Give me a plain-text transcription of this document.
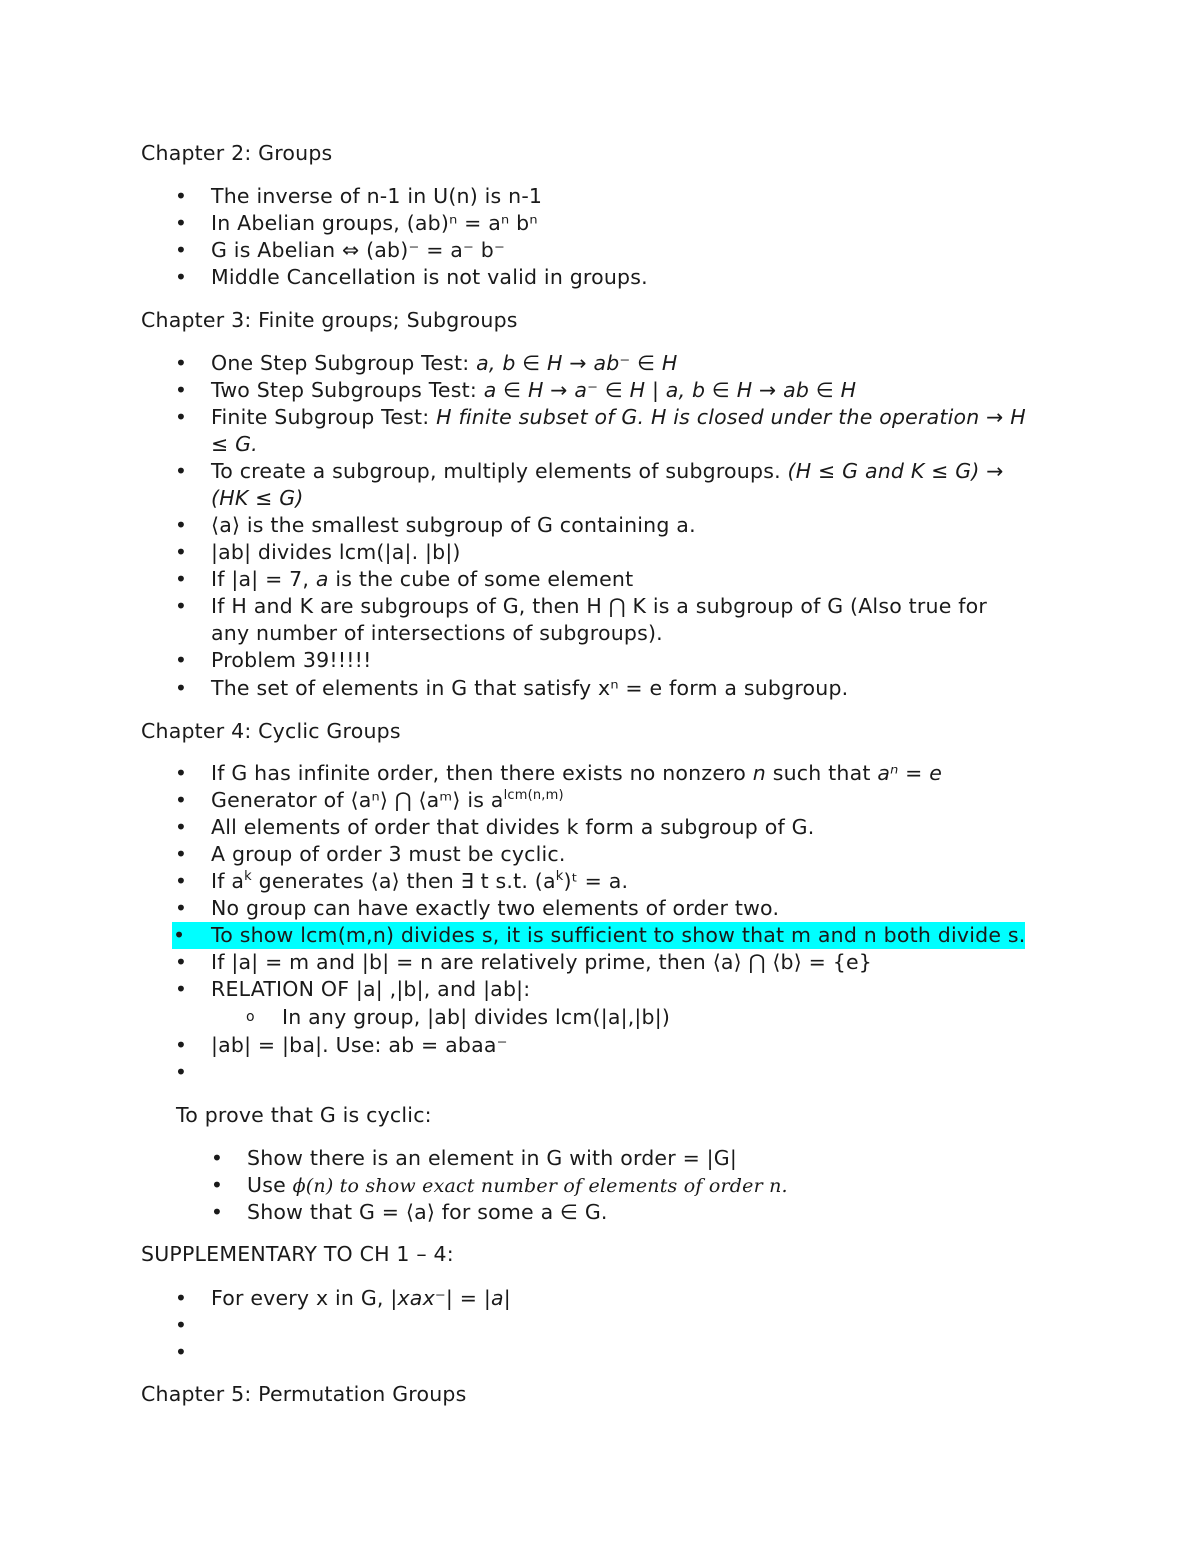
Chapter 2: Groups
• The inverse of n-1 in U(n) is n-1
• In Abelian groups, (ab)ⁿ = aⁿ bⁿ
• G is Abelian ⇔ (ab)⁻ = a⁻ b⁻
• Middle Cancellation is not valid in groups.
Chapter 3: Finite groups; Subgroups
• One Step Subgroup Test: a, b ∈ H → ab⁻ ∈ H
• Two Step Subgroups Test: a ∈ H → a⁻ ∈ H | a, b ∈ H → ab ∈ H
• Finite Subgroup Test: H finite subset of G. H is closed under the operation → H
≤ G.
• To create a subgroup, multiply elements of subgroups. (H ≤ G and K ≤ G) →
(HK ≤ G)
• ⟨a⟩ is the smallest subgroup of G containing a.
• |ab| divides lcm(|a|. |b|)
• If |a| = 7, a is the cube of some element
• If H and K are subgroups of G, then H ⋂ K is a subgroup of G (Also true for
any number of intersections of subgroups).
• Problem 39!!!!!
• The set of elements in G that satisfy xⁿ = e form a subgroup.
Chapter 4: Cyclic Groups
• If G has infinite order, then there exists no nonzero n such that aⁿ = e
• Generator of ⟨aⁿ⟩ ⋂ ⟨aᵐ⟩ is $a^{lcm(n,m)}$
• All elements of order that divides k form a subgroup of G.
• A group of order 3 must be cyclic.
• If $a^k$ generates ⟨a⟩ then ∃ t s.t. $(a^k)ᵗ = a$.
• No group can have exactly two elements of order two.
•	To show lcm(m,n) divides s, it is sufficient to show that m and n both divide s.
• If |a| = m and |b| = n are relatively prime, then ⟨a⟩ ⋂ ⟨b⟩ = {e}
• RELATION OF |a| ,|b|, and |ab|:
o In any group, |ab| divides lcm(|a|,|b|)
• |ab| = |ba|. Use: ab = abaa⁻
•
To prove that G is cyclic:
• Show there is an element in G with order = |G|
• Use ϕ(n) to show exact number of elements of order n.
• Show that G = ⟨a⟩ for some a ∈ G.
SUPPLEMENTARY TO CH 1 – 4:
• For every x in G, |xax⁻| = |a|
•
•
Chapter 5: Permutation Groups
